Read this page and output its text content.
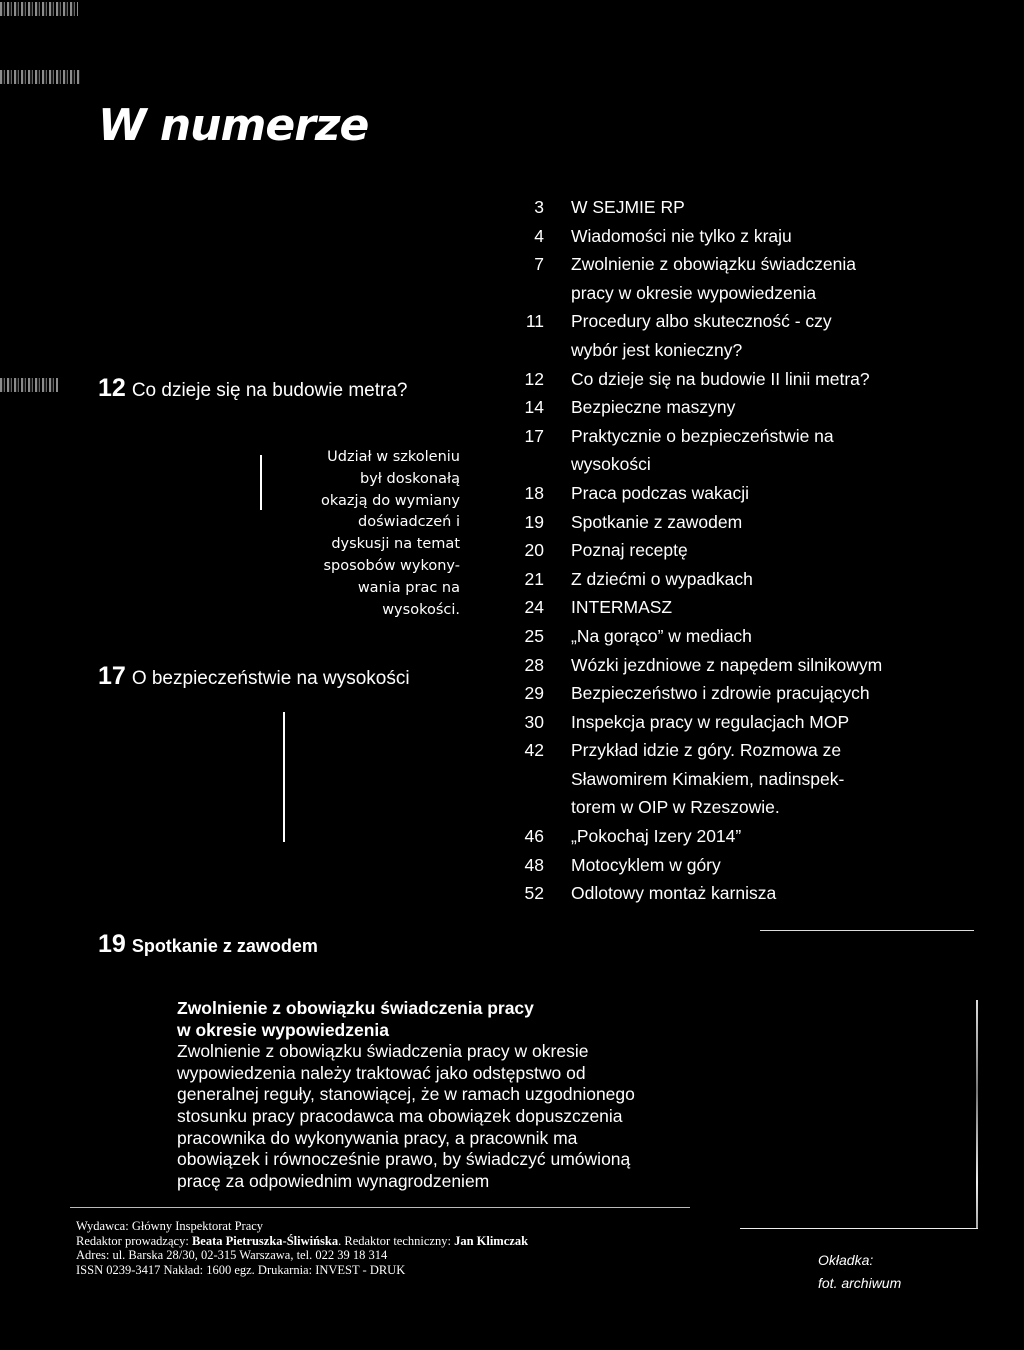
W numerze
12 Co dzieje się na budowie metra?
Udział w szkoleniu
był doskonałą
okazją do wymiany
doświadczeń i
dyskusji na temat
sposobów wykony-
wania prac na
wysokości.
17 O bezpieczeństwie na wysokości
19 Spotkanie z zawodem
3	W SEJMIE RP
4	Wiadomości nie tylko z kraju
7	Zwolnienie z obowiązku świadczenia
pracy w okresie wypowiedzenia
11	Procedury albo skuteczność - czy
wybór jest konieczny?
12	Co dzieje się na budowie II linii metra?
14	Bezpieczne maszyny
17	Praktycznie o bezpieczeństwie na
wysokości
18	Praca podczas wakacji
19	Spotkanie z zawodem
20	Poznaj receptę
21	Z dziećmi o wypadkach
24	INTERMASZ
25	„Na gorąco” w mediach
28	Wózki jezdniowe z napędem silnikowym
29	Bezpieczeństwo i zdrowie pracujących
30	Inspekcja pracy w regulacjach MOP
42	Przykład idzie z góry. Rozmowa ze
Sławomirem Kimakiem, nadinspek-
torem w OIP w Rzeszowie.
46	„Pokochaj Izery 2014”
48	Motocyklem w góry
52	Odlotowy montaż karnisza
Zwolnienie z obowiązku świadczenia pracy
w okresie wypowiedzenia
Zwolnienie z obowiązku świadczenia pracy w okresie
wypowiedzenia należy traktować jako odstępstwo od
generalnej reguły, stanowiącej, że w ramach uzgodnionego
stosunku pracy pracodawca ma obowiązek dopuszczenia
pracownika do wykonywania pracy, a pracownik ma
obowiązek i równocześnie prawo, by świadczyć umówioną
pracę za odpowiednim wynagrodzeniem
Wydawca: Główny Inspektorat Pracy
Redaktor prowadzący: Beata Pietruszka-Śliwińska. Redaktor techniczny: Jan Klimczak
Adres: ul. Barska 28/30, 02-315 Warszawa, tel. 022 39 18 314
ISSN 0239-3417 Nakład: 1600 egz. Drukarnia: INVEST - DRUK
Okładka:
fot. archiwum
